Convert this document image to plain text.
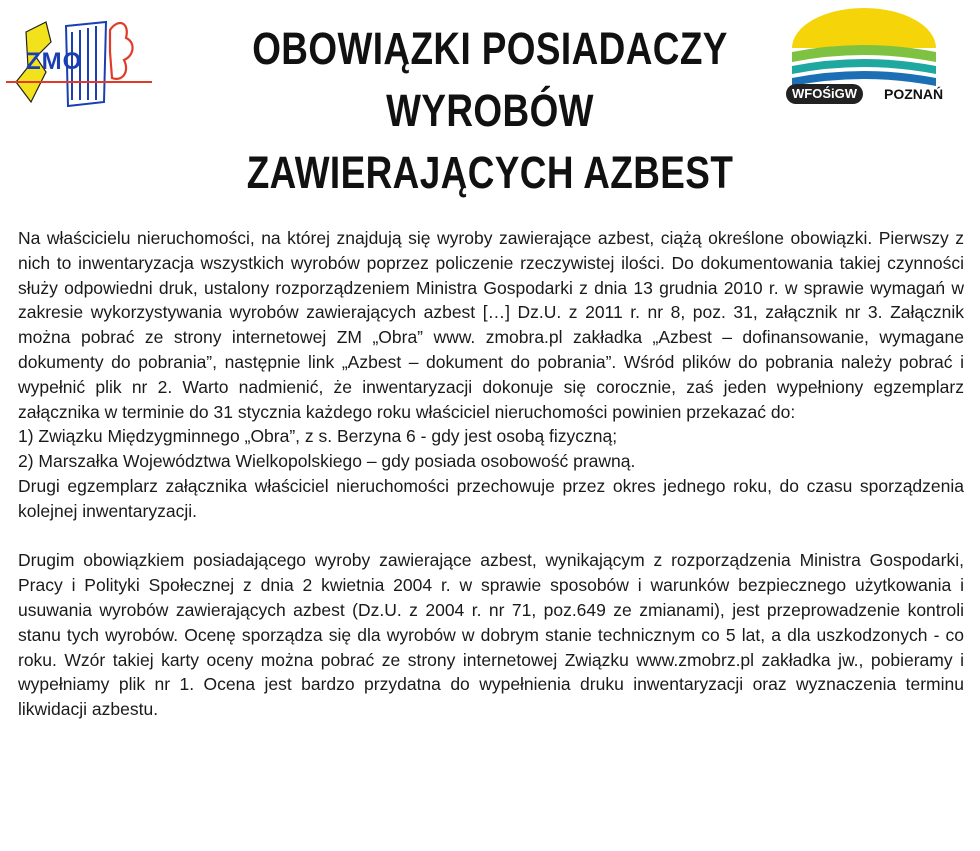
ZMO	OBOWIĄZKI POSIADACZY
WYROBÓW
ZAWIERAJĄCYCH AZBEST
WFOŚiGW	POZNAŃ

Na właścicielu nieruchomości, na której znajdują się wyroby zawierające azbest, ciążą określone obowiązki. Pierwszy z nich to inwentaryzacja wszystkich wyrobów poprzez policzenie rzeczywistej ilości. Do dokumentowania takiej czynności służy odpowiedni druk, ustalony rozporządzeniem Ministra Gospodarki z dnia 13 grudnia 2010 r. w sprawie wymagań w zakresie wykorzystywania wyrobów zawierających azbest […] Dz.U. z 2011 r. nr 8, poz. 31, załącznik nr 3. Załącznik można pobrać ze strony internetowej ZM „Obra” www. zmobra.pl zakładka „Azbest – dofinansowanie, wymagane dokumenty do pobrania”, następnie link „Azbest – dokument do pobrania”. Wśród plików do pobrania należy pobrać i wypełnić plik nr 2. Warto nadmienić, że inwentaryzacji dokonuje się corocznie, zaś jeden wypełniony egzemplarz załącznika w terminie do 31 stycznia każdego roku właściciel nieruchomości powinien przekazać do:

1) Związku Międzygminnego „Obra”, z s. Berzyna 6 - gdy jest osobą fizyczną;
2) Marszałka Województwa Wielkopolskiego – gdy posiada osobowość prawną.

Drugi egzemplarz załącznika właściciel nieruchomości przechowuje przez okres jednego roku, do czasu sporządzenia kolejnej inwentaryzacji.

Drugim obowiązkiem posiadającego wyroby zawierające azbest, wynikającym z rozporządzenia Ministra Gospodarki, Pracy i Polityki Społecznej z dnia 2 kwietnia 2004 r. w sprawie sposobów i warunków bezpiecznego użytkowania i usuwania wyrobów zawierających azbest (Dz.U. z 2004 r. nr 71, poz.649 ze zmianami), jest przeprowadzenie kontroli stanu tych wyrobów. Ocenę sporządza się dla wyrobów w dobrym stanie technicznym co 5 lat, a dla uszkodzonych - co roku. Wzór takiej karty oceny można pobrać ze strony internetowej Związku www.zmobrz.pl zakładka jw., pobieramy i wypełniamy plik nr 1. Ocena jest bardzo przydatna do wypełnienia druku inwentaryzacji oraz wyznaczenia terminu likwidacji azbestu.
